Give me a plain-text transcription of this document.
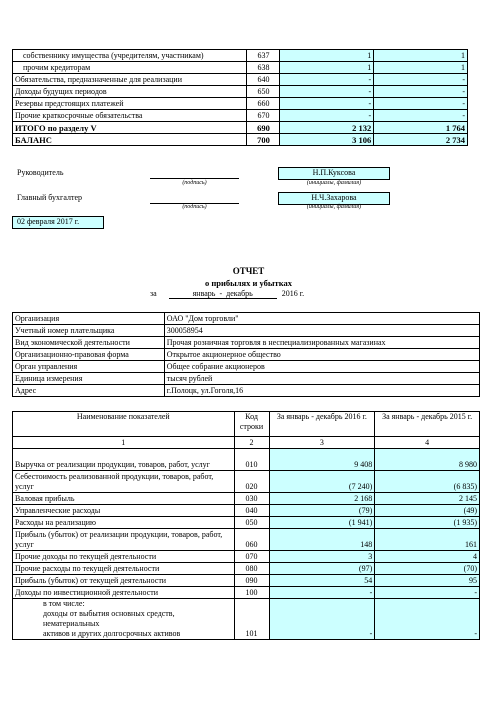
собственнику имущества (учредителям, участникам)	637	1	1
прочим кредиторам	638	1	1
Обязательства, предназначенные для реализации	640	-	-
Доходы будущих периодов	650	-	-
Резервы предстоящих платежей	660	-	-
Прочие краткосрочные обязательства	670	-	-
ИТОГО по разделу V	690	2 132	1 764
БАЛАНС	700	3 106	2 734
Руководитель
(подпись)
Н.П.Куксова
(инициалы, фамилия)
Главный бухгалтер
(подпись)
Н.Ч.Захарова
(инициалы, фамилия)
02 февраля 2017 г.
ОТЧЕТ
о прибылях и убытках
за	январь - декабрь	2016 г.
Организация	ОАО "Дом торговли"
Учетный номер плательщика	300058954
Вид экономической деятельности	Прочая розничная торговля в неспециализированных магазинах
Организационно-правовая форма	Открытое акционерное общество
Орган управления	Общее собрание акционеров
Единица измерения	тысяч рублей
Адрес	г.Полоцк, ул.Гоголя,16
Наименование показателей	Код строки	За январь - декабрь 2016 г.	За январь - декабрь 2015 г.
1	2	3	4
Выручка от реализации продукции, товаров, работ, услуг	010	9 408	8 980
Себестоимость реализованной продукции, товаров, работ, услуг	020	(7 240)	(6 835)
Валовая прибыль	030	2 168	2 145
Управленческие расходы	040	(79)	(49)
Расходы на реализацию	050	(1 941)	(1 935)
Прибыль (убыток) от реализации продукции, товаров, работ, услуг	060	148	161
Прочие доходы по текущей деятельности	070	3	4
Прочие расходы по текущей деятельности	080	(97)	(70)
Прибыль (убыток) от текущей деятельности	090	54	95
Доходы по инвестиционной деятельности	100	-	-
в том числе:
доходы от выбытия основных средств, нематериальных
активов и других долгосрочных активов	101	-	-
